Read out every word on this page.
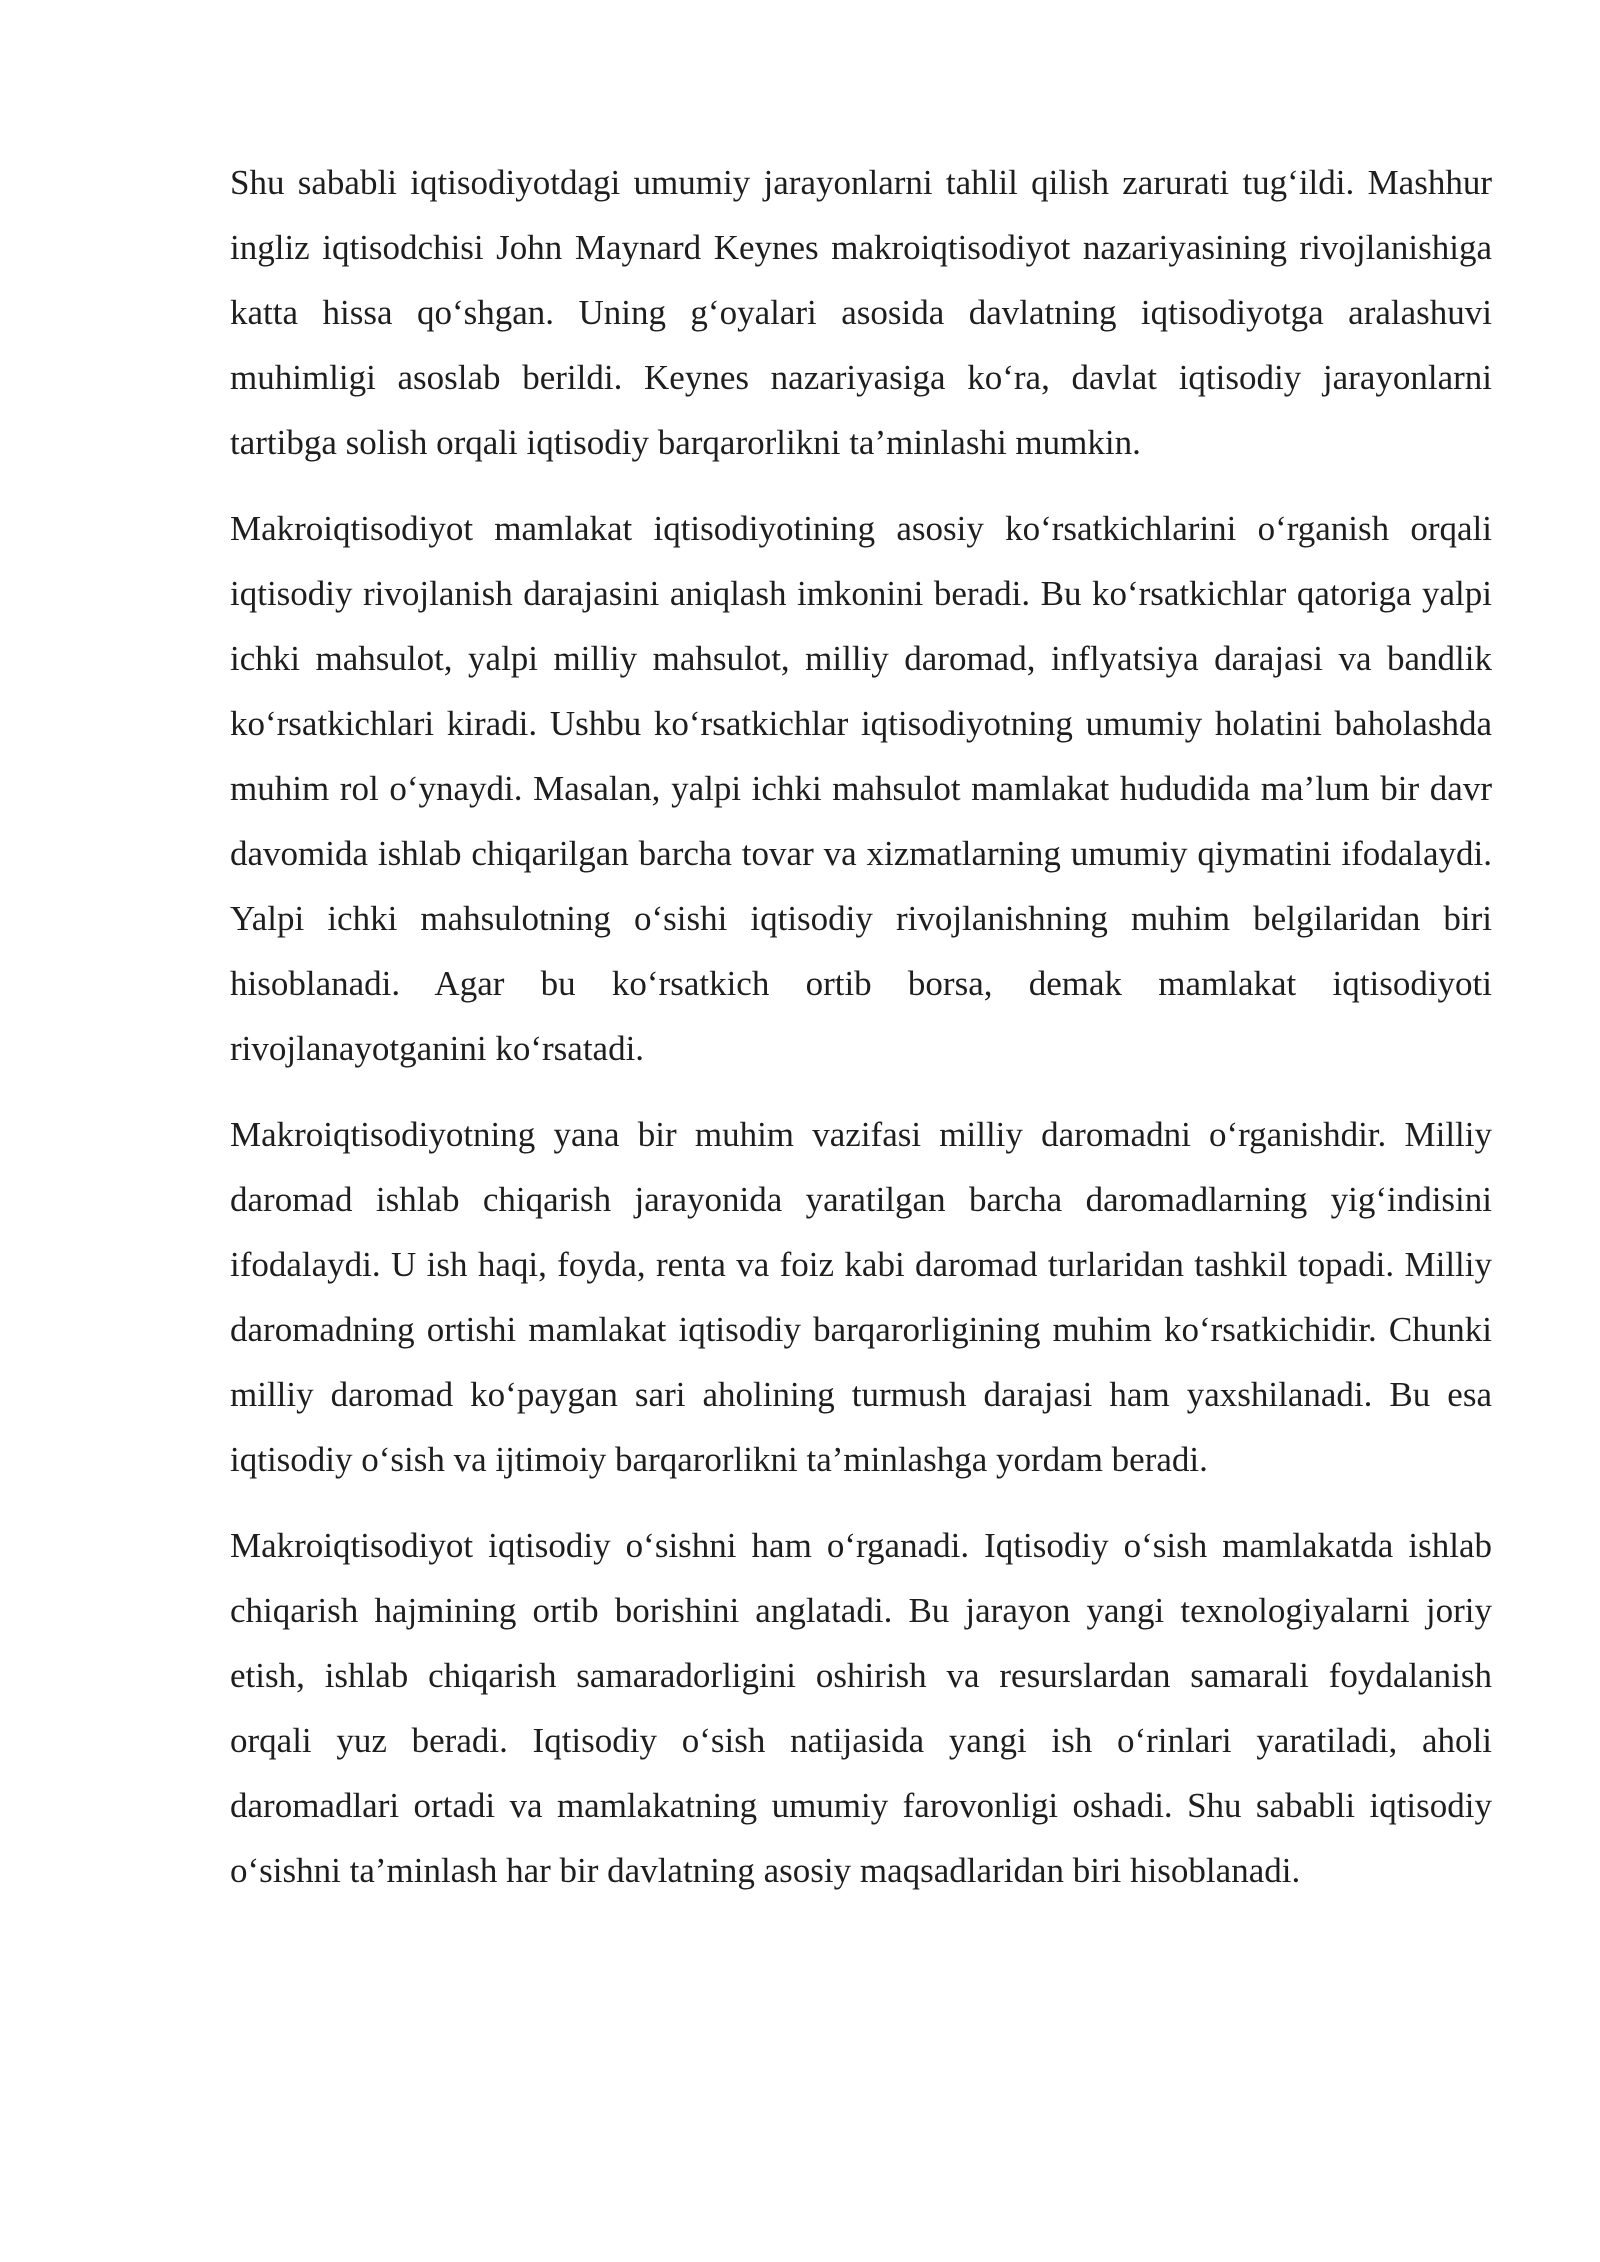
Shu sababli iqtisodiyotdagi umumiy jarayonlarni tahlil qilish zarurati tug‘ildi. Mashhur ingliz iqtisodchisi John Maynard Keynes makroiqtisodiyot nazariyasining rivojlanishiga katta hissa qo‘shgan. Uning g‘oyalari asosida davlatning iqtisodiyotga aralashuvi muhimligi asoslab berildi. Keynes nazariyasiga ko‘ra, davlat iqtisodiy jarayonlarni tartibga solish orqali iqtisodiy barqarorlikni ta’minlashi mumkin.

Makroiqtisodiyot mamlakat iqtisodiyotining asosiy ko‘rsatkichlarini o‘rganish orqali iqtisodiy rivojlanish darajasini aniqlash imkonini beradi. Bu ko‘rsatkichlar qatoriga yalpi ichki mahsulot, yalpi milliy mahsulot, milliy daromad, inflyatsiya darajasi va bandlik ko‘rsatkichlari kiradi. Ushbu ko‘rsatkichlar iqtisodiyotning umumiy holatini baholashda muhim rol o‘ynaydi. Masalan, yalpi ichki mahsulot mamlakat hududida ma’lum bir davr davomida ishlab chiqarilgan barcha tovar va xizmatlarning umumiy qiymatini ifodalaydi. Yalpi ichki mahsulotning o‘sishi iqtisodiy rivojlanishning muhim belgilaridan biri hisoblanadi. Agar bu ko‘rsatkich ortib borsa, demak mamlakat iqtisodiyoti rivojlanayotganini ko‘rsatadi.

Makroiqtisodiyotning yana bir muhim vazifasi milliy daromadni o‘rganishdir. Milliy daromad ishlab chiqarish jarayonida yaratilgan barcha daromadlarning yig‘indisini ifodalaydi. U ish haqi, foyda, renta va foiz kabi daromad turlaridan tashkil topadi. Milliy daromadning ortishi mamlakat iqtisodiy barqarorligining muhim ko‘rsatkichidir. Chunki milliy daromad ko‘paygan sari aholining turmush darajasi ham yaxshilanadi. Bu esa iqtisodiy o‘sish va ijtimoiy barqarorlikni ta’minlashga yordam beradi.

Makroiqtisodiyot iqtisodiy o‘sishni ham o‘rganadi. Iqtisodiy o‘sish mamlakatda ishlab chiqarish hajmining ortib borishini anglatadi. Bu jarayon yangi texnologiyalarni joriy etish, ishlab chiqarish samaradorligini oshirish va resurslardan samarali foydalanish orqali yuz beradi. Iqtisodiy o‘sish natijasida yangi ish o‘rinlari yaratiladi, aholi daromadlari ortadi va mamlakatning umumiy farovonligi oshadi. Shu sababli iqtisodiy o‘sishni ta’minlash har bir davlatning asosiy maqsadlaridan biri hisoblanadi.
